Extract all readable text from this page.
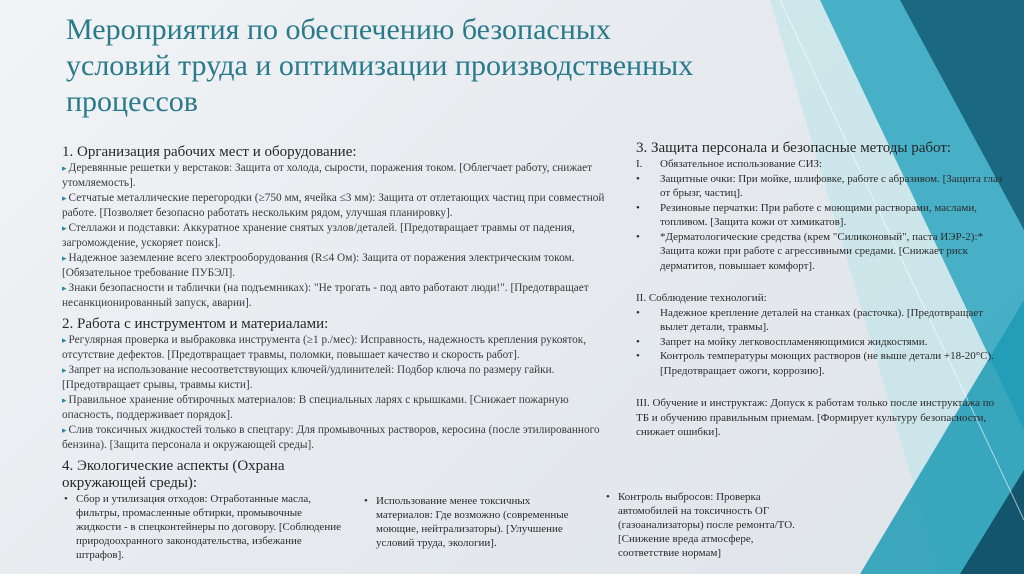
Мероприятия по обеспечению безопасных условий труда и оптимизации производственных процессов
1. Организация рабочих мест и оборудование:
▸ Деревянные решетки у верстаков: Защита от холода, сырости, поражения током. [Облегчает работу, снижает утомляемость].
▸ Сетчатые металлические перегородки (≥750 мм, ячейка ≤3 мм): Защита от отлетающих частиц при совместной работе. [Позволяет безопасно работать нескольким рядом, улучшая планировку].
▸ Стеллажи и подставки: Аккуратное хранение снятых узлов/деталей. [Предотвращает травмы от падения, загромождение, ускоряет поиск].
▸ Надежное заземление всего электрооборудования (R≤4 Ом): Защита от поражения электрическим током. [Обязательное требование ПУБЭЛ].
▸ Знаки безопасности и таблички (на подъемниках): "Не трогать - под авто работают люди!". [Предотвращает несанкционированный запуск, аварии].
2. Работа с инструментом и материалами:
▸ Регулярная проверка и выбраковка инструмента (≥1 р./мес): Исправность, надежность крепления рукояток, отсутствие дефектов. [Предотвращает травмы, поломки, повышает качество и скорость работ].
▸ Запрет на использование несоответствующих ключей/удлинителей: Подбор ключа по размеру гайки. [Предотвращает срывы, травмы кисти].
▸ Правильное хранение обтирочных материалов: В специальных ларях с крышками. [Снижает пожарную опасность, поддерживает порядок].
▸ Слив токсичных жидкостей только в спецтару: Для промывочных растворов, керосина (после этилированного бензина). [Защита персонала и окружающей среды].
3. Защита персонала и безопасные методы работ:
I. Обязательное использование СИЗ:
• Защитные очки: При мойке, шлифовке, работе с абразивом. [Защита глаз от брызг, частиц].
• Резиновые перчатки: При работе с моющими растворами, маслами, топливом. [Защита кожи от химикатов].
• *Дерматологические средства (крем "Силиконовый", паста ИЭР-2):* Защита кожи при работе с агрессивными средами. [Снижает риск дерматитов, повышает комфорт].
II. Соблюдение технологий:
• Надежное крепление деталей на станках (расточка). [Предотвращает вылет детали, травмы].
• Запрет на мойку легковоспламеняющимися жидкостями.
• Контроль температуры моющих растворов (не выше детали +18-20°C). [Предотвращает ожоги, коррозию].
III. Обучение и инструктаж: Допуск к работам только после инструктажа по ТБ и обучению правильным приемам. [Формирует культуру безопасности, снижает ошибки].
4. Экологические аспекты (Охрана окружающей среды):
• Сбор и утилизация отходов: Отработанные масла, фильтры, промасленные обтирки, промывочные жидкости - в спецконтейнеры по договору. [Соблюдение природоохранного законодательства, избежание штрафов].
• Использование менее токсичных материалов: Где возможно (современные моющие, нейтрализаторы). [Улучшение условий труда, экологии].
• Контроль выбросов: Проверка автомобилей на токсичность ОГ (газоанализаторы) после ремонта/ТО. [Снижение вреда атмосфере, соответствие нормам]
